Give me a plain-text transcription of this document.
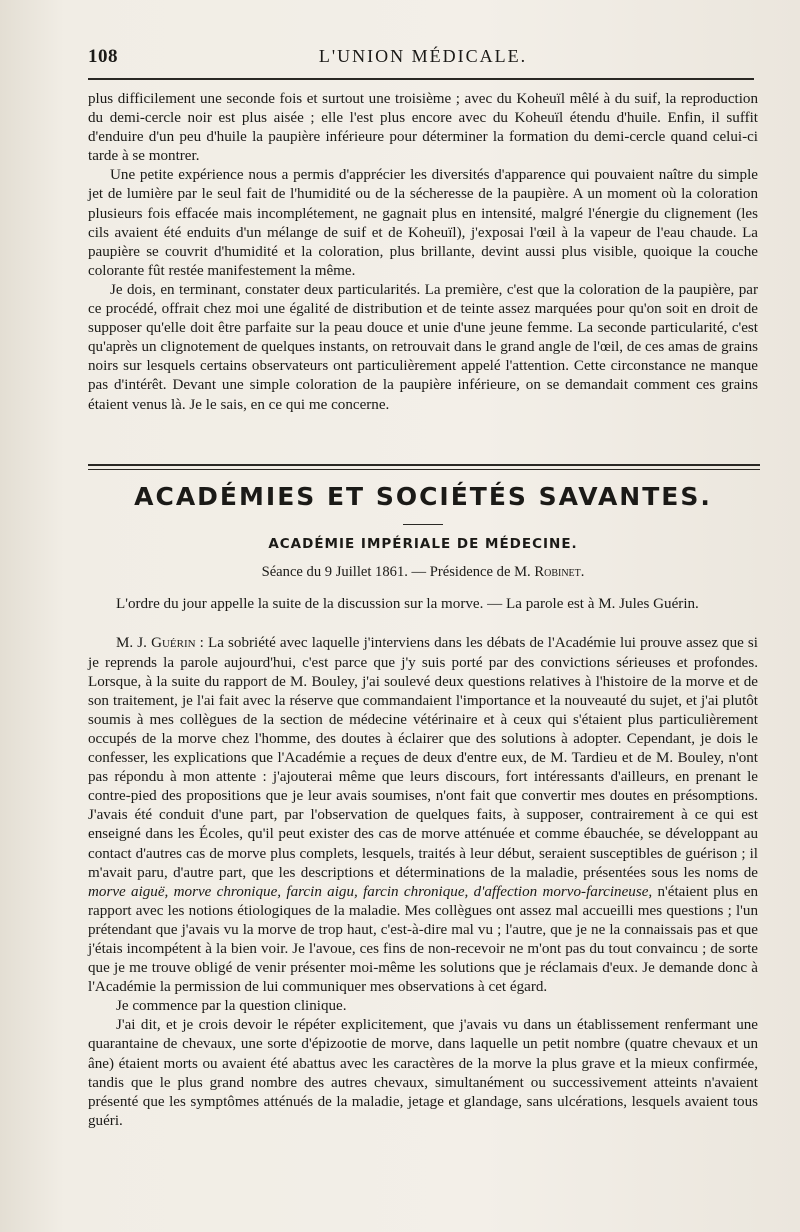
108	L'UNION MÉDICALE.

plus difficilement une seconde fois et surtout une troisième ; avec du Koheuïl mêlé à du suif, la reproduction du demi-cercle noir est plus aisée ; elle l'est plus encore avec du Koheuïl étendu d'huile. Enfin, il suffit d'enduire d'un peu d'huile la paupière inférieure pour déterminer la formation du demi-cercle quand celui-ci tarde à se montrer.

Une petite expérience nous a permis d'apprécier les diversités d'apparence qui pouvaient naître du simple jet de lumière par le seul fait de l'humidité ou de la sécheresse de la paupière. A un moment où la coloration plusieurs fois effacée mais incomplétement, ne gagnait plus en intensité, malgré l'énergie du clignement (les cils avaient été enduits d'un mélange de suif et de Koheuïl), j'exposai l'œil à la vapeur de l'eau chaude. La paupière se couvrit d'humidité et la coloration, plus brillante, devint aussi plus visible, quoique la couche colorante fût restée manifestement la même.

Je dois, en terminant, constater deux particularités. La première, c'est que la coloration de la paupière, par ce procédé, offrait chez moi une égalité de distribution et de teinte assez marquées pour qu'on soit en droit de supposer qu'elle doit être parfaite sur la peau douce et unie d'une jeune femme. La seconde particularité, c'est qu'après un clignotement de quelques instants, on retrouvait dans le grand angle de l'œil, de ces amas de grains noirs sur lesquels certains observateurs ont particulièrement appelé l'attention. Cette circonstance ne manque pas d'intérêt. Devant une simple coloration de la paupière inférieure, on se demandait comment ces grains étaient venus là. Je le sais, en ce qui me concerne.

ACADÉMIES ET SOCIÉTÉS SAVANTES.
ACADÉMIE IMPÉRIALE DE MÉDECINE.
Séance du 9 Juillet 1861. — Présidence de M. Robinet.

L'ordre du jour appelle la suite de la discussion sur la morve. — La parole est à M. Jules Guérin.

M. J. Guérin : La sobriété avec laquelle j'interviens dans les débats de l'Académie lui prouve assez que si je reprends la parole aujourd'hui, c'est parce que j'y suis porté par des convictions sérieuses et profondes. Lorsque, à la suite du rapport de M. Bouley, j'ai soulevé deux questions relatives à l'histoire de la morve et de son traitement, je l'ai fait avec la réserve que commandaient l'importance et la nouveauté du sujet, et j'ai plutôt soumis à mes collègues de la section de médecine vétérinaire et à ceux qui s'étaient plus particulièrement occupés de la morve chez l'homme, des doutes à éclairer que des solutions à adopter. Cependant, je dois le confesser, les explications que l'Académie a reçues de deux d'entre eux, de M. Tardieu et de M. Bouley, n'ont pas répondu à mon attente : j'ajouterai même que leurs discours, fort intéressants d'ailleurs, en prenant le contre-pied des propositions que je leur avais soumises, n'ont fait que convertir mes doutes en présomptions. J'avais été conduit d'une part, par l'observation de quelques faits, à supposer, contrairement à ce qui est enseigné dans les Écoles, qu'il peut exister des cas de morve atténuée et comme ébauchée, se développant au contact d'autres cas de morve plus complets, lesquels, traités à leur début, seraient susceptibles de guérison ; il m'avait paru, d'autre part, que les descriptions et déterminations de la maladie, présentées sous les noms de morve aiguë, morve chronique, farcin aigu, farcin chronique, d'affection morvo-farcineuse, n'étaient plus en rapport avec les notions étiologiques de la maladie. Mes collègues ont assez mal accueilli mes questions ; l'un prétendant que j'avais vu la morve de trop haut, c'est-à-dire mal vu ; l'autre, que je ne la connaissais pas et que j'étais incompétent à la bien voir. Je l'avoue, ces fins de non-recevoir ne m'ont pas du tout convaincu ; de sorte que je me trouve obligé de venir présenter moi-même les solutions que je réclamais d'eux. Je demande donc à l'Académie la permission de lui communiquer mes observations à cet égard.

Je commence par la question clinique.

J'ai dit, et je crois devoir le répéter explicitement, que j'avais vu dans un établissement renfermant une quarantaine de chevaux, une sorte d'épizootie de morve, dans laquelle un petit nombre (quatre chevaux et un âne) étaient morts ou avaient été abattus avec les caractères de la morve la plus grave et la mieux confirmée, tandis que le plus grand nombre des autres chevaux, simultanément ou successivement atteints n'avaient présenté que les symptômes atténués de la maladie, jetage et glandage, sans ulcérations, lesquels avaient tous guéri.
